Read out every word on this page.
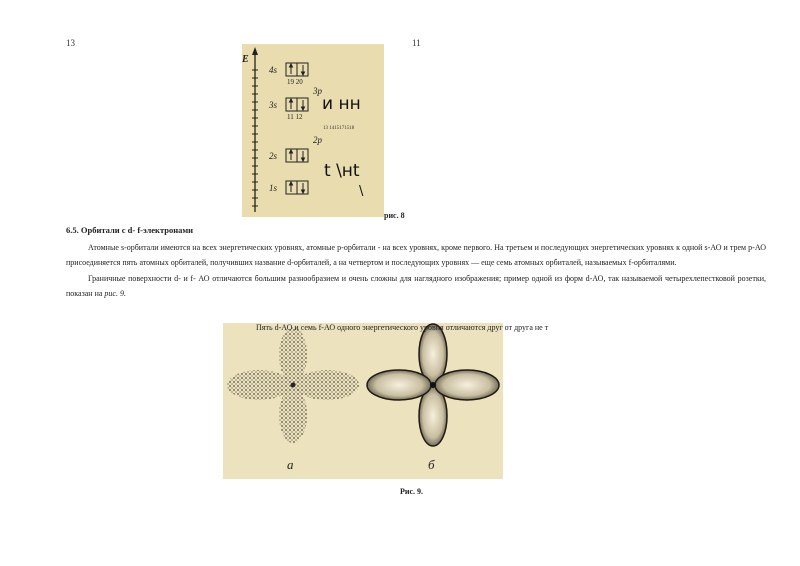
13	11
E
4s
19 20
3p
3s
11 12
и нн
13 1415171518
2p
2s
t \нt
\
1s
рис. 8
6.5. Орбитали с d- f-электронами

Атомные s-орбитали имеются на всех энергетических уровнях, атомные р-орбитали - на всех уровнях, кроме первого. На третьем и последующих энергетических уровнях к одной s-АО и трем р-АО присоединяется пять атомных орбиталей, получивших название d-орбиталей, а на четвертом и последующих уровнях — еще семь атомных орбиталей, называемых f-орбиталями.

Граничные поверхности d- и f- АО отличаются большим разнообразием и очень сложны для наглядного изображения; пример одной из форм d-АО, так называемой четырехлепестковой розетки, показан на рис. 9.

а	б
Пять d-АО и семь f-АО одного энергетического уровня отличаются друг от друга не т
Рис. 9.
